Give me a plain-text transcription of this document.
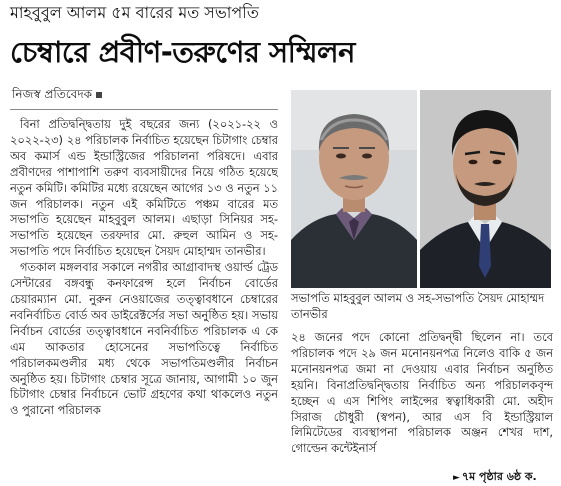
মাহবুবুল আলম ৫ম বারের মত সভাপতি
চেম্বারে প্রবীণ-তরুণের সম্মিলন
নিজস্ব প্রতিবেদক

বিনা প্রতিদ্বন্দ্বিতায় দুই বছরের জন্য (২০২১-২২ ও ২০২২-২৩) ২৪ পরিচালক নির্বাচিত হয়েছেন চিটাগাং চেম্বার অব কমার্স এন্ড ইন্ডাস্ট্রিজের পরিচালনা পরিষদে। এবার প্রবীণদের পাশাপাশি তরুণ ব্যবসায়ীদের নিয়ে গঠিত হয়েছে নতুন কমিটি। কমিটির মধ্যে রয়েছেন আগের ১৩ ও নতুন ১১ জন পরিচালক। নতুন এই কমিটিতে পঞ্চম বারের মত সভাপতি হয়েছেন মাহবুবুল আলম। এছাড়া সিনিয়র সহ-সভাপতি হয়েছেন তরফদার মো. রুহুল আমিন ও সহ-সভাপতি পদে নির্বাচিত হয়েছেন সৈয়দ মোহাম্মদ তানভীর।

গতকাল মঙ্গলবার সকালে নগরীর আগ্রাবাদস্থ ওয়ার্ল্ড ট্রেড সেন্টারের বঙ্গবন্ধু কনফারেন্স হলে নির্বাচন বোর্ডের চেয়ারম্যান মো. নুরুন নেওয়াজের তত্ত্বাবধানে চেম্বারের নবনির্বাচিত বোর্ড অব ডাইরেক্টর্সের সভা অনুষ্ঠিত হয়। সভায় নির্বাচন বোর্ডের তত্ত্বাবধানে নবনির্বাচিত পরিচালক এ কে এম আকতার হোসেনের সভাপতিত্বে নির্বাচিত পরিচালকমণ্ডলীর মধ্য থেকে সভাপতিমণ্ডলীর নির্বাচন অনুষ্ঠিত হয়। চিটাগাং চেম্বার সূত্রে জানায়, আগামী ১০ জুন চিটাগাং চেম্বার নির্বাচনে ভোট গ্রহণের কথা থাকলেও নতুন ও পুরানো পরিচালক

সভাপতি মাহবুবুল আলম ও সহ-সভাপতি সৈয়দ মোহাম্মদ তানভীর

২৪ জনের পদে কোনো প্রতিদ্বন্দ্বী ছিলেন না। তবে পরিচালক পদে ২৯ জন মনোনয়নপত্র নিলেও বাকি ৫ জন মনোনয়নপত্র জমা না দেওয়ায় এবার নির্বাচন অনুষ্ঠিত হয়নি। বিনাপ্রতিদ্বন্দ্বিতায় নির্বাচিত অন্য পরিচালকবৃন্দ হচ্ছেন এ এস শিপিং লাইন্সের স্বত্বাধিকারী মো. অহীদ সিরাজ চৌধুরী (স্বপন), আর এস বি ইন্ডাস্ট্রিয়াল লিমিটেডের ব্যবস্থাপনা পরিচালক অঞ্জন শেখর দাশ, গোল্ডেন কন্টেইনার্স

► ৭ম পৃষ্ঠার ৬ষ্ঠ ক.
